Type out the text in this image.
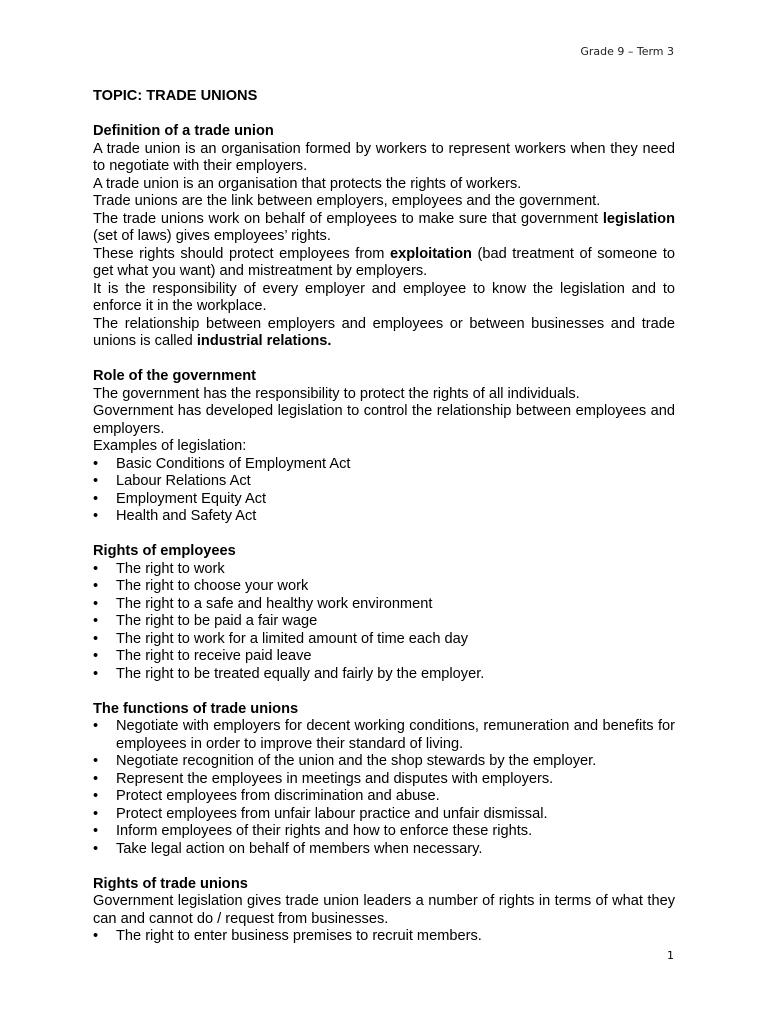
Grade 9 – Term 3
TOPIC: TRADE UNIONS
Definition of a trade union

A trade union is an organisation formed by workers to represent workers when they need to negotiate with their employers.

A trade union is an organisation that protects the rights of workers.

Trade unions are the link between employers, employees and the government.

The trade unions work on behalf of employees to make sure that government legislation (set of laws) gives employees’ rights.

These rights should protect employees from exploitation (bad treatment of someone to get what you want) and mistreatment by employers.

It is the responsibility of every employer and employee to know the legislation and to enforce it in the workplace.

The relationship between employers and employees or between businesses and trade unions is called industrial relations.

Role of the government

The government has the responsibility to protect the rights of all individuals.

Government has developed legislation to control the relationship between employees and employers.

Examples of legislation:

• Basic Conditions of Employment Act
• Labour Relations Act
• Employment Equity Act
• Health and Safety Act
Rights of employees
• The right to work
• The right to choose your work
• The right to a safe and healthy work environment
• The right to be paid a fair wage
• The right to work for a limited amount of time each day
• The right to receive paid leave
• The right to be treated equally and fairly by the employer.
The functions of trade unions
• Negotiate with employers for decent working conditions, remuneration and benefits for employees in order to improve their standard of living.
• Negotiate recognition of the union and the shop stewards by the employer.
• Represent the employees in meetings and disputes with employers.
• Protect employees from discrimination and abuse.
• Protect employees from unfair labour practice and unfair dismissal.
• Inform employees of their rights and how to enforce these rights.
• Take legal action on behalf of members when necessary.
Rights of trade unions

Government legislation gives trade union leaders a number of rights in terms of what they can and cannot do / request from businesses.

• The right to enter business premises to recruit members.
1
